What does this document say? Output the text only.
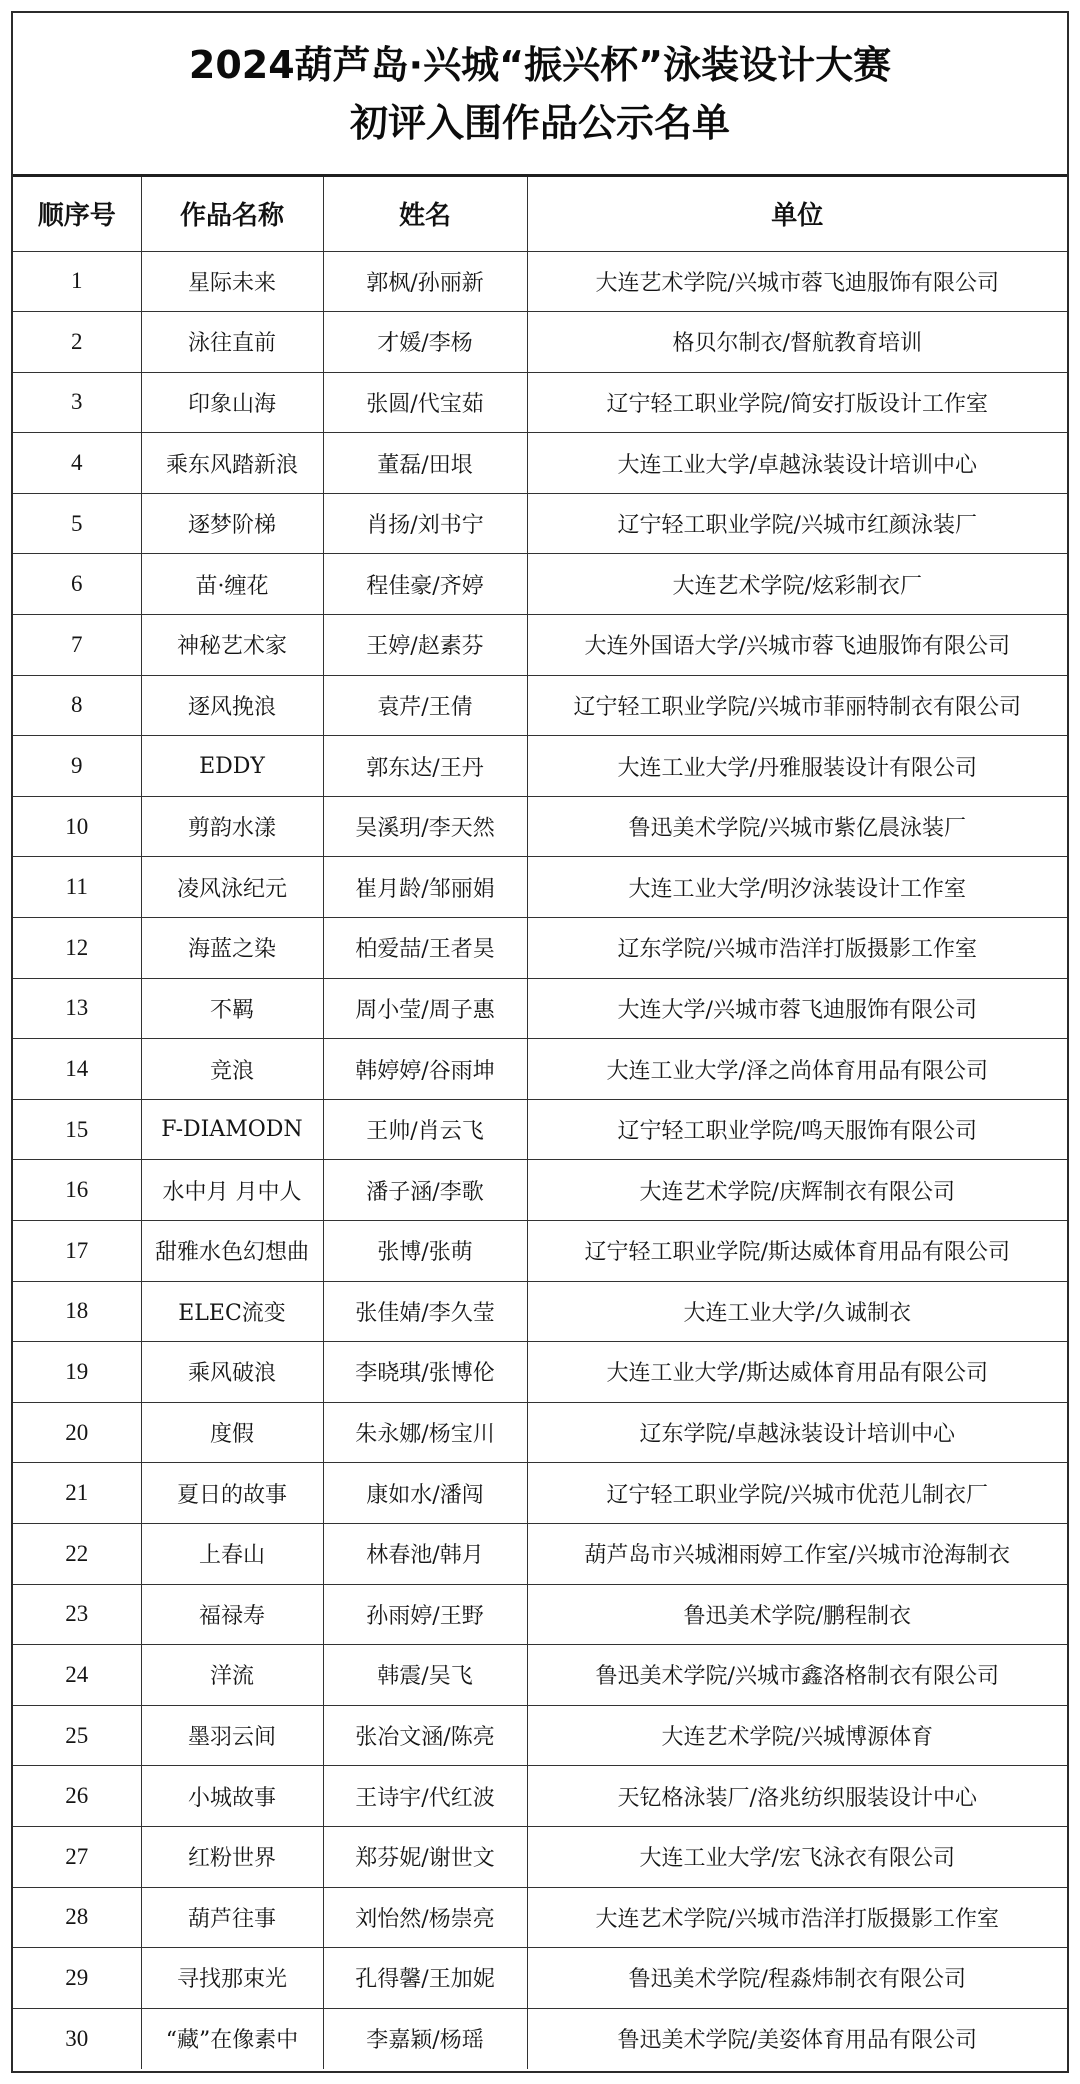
2024葫芦岛·兴城“振兴杯”泳装设计大赛
初评入围作品公示名单
顺序号	作品名称	姓名	单位
1	星际未来	郭枫/孙丽新	大连艺术学院/兴城市蓉飞迪服饰有限公司
2	泳往直前	才媛/李杨	格贝尔制衣/督航教育培训
3	印象山海	张圆/代宝茹	辽宁轻工职业学院/简安打版设计工作室
4	乘东风踏新浪	董磊/田垠	大连工业大学/卓越泳装设计培训中心
5	逐梦阶梯	肖扬/刘书宁	辽宁轻工职业学院/兴城市红颜泳装厂
6	苗·缠花	程佳豪/齐婷	大连艺术学院/炫彩制衣厂
7	神秘艺术家	王婷/赵素芬	大连外国语大学/兴城市蓉飞迪服饰有限公司
8	逐风挽浪	袁芹/王倩	辽宁轻工职业学院/兴城市菲丽特制衣有限公司
9	EDDY	郭东达/王丹	大连工业大学/丹雅服装设计有限公司
10	剪韵水漾	吴溪玥/李天然	鲁迅美术学院/兴城市紫亿晨泳装厂
11	凌风泳纪元	崔月龄/邹丽娟	大连工业大学/明汐泳装设计工作室
12	海蓝之染	柏爱喆/王者昊	辽东学院/兴城市浩洋打版摄影工作室
13	不羁	周小莹/周子惠	大连大学/兴城市蓉飞迪服饰有限公司
14	竞浪	韩婷婷/谷雨坤	大连工业大学/泽之尚体育用品有限公司
15	F-DIAMODN	王帅/肖云飞	辽宁轻工职业学院/鸣天服饰有限公司
16	水中月 月中人	潘子涵/李歌	大连艺术学院/庆辉制衣有限公司
17	甜雅水色幻想曲	张博/张萌	辽宁轻工职业学院/斯达威体育用品有限公司
18	ELEC流变	张佳婧/李久莹	大连工业大学/久诚制衣
19	乘风破浪	李晓琪/张博伦	大连工业大学/斯达威体育用品有限公司
20	度假	朱永娜/杨宝川	辽东学院/卓越泳装设计培训中心
21	夏日的故事	康如水/潘闯	辽宁轻工职业学院/兴城市优范儿制衣厂
22	上春山	林春池/韩月	葫芦岛市兴城湘雨婷工作室/兴城市沧海制衣
23	福禄寿	孙雨婷/王野	鲁迅美术学院/鹏程制衣
24	洋流	韩震/吴飞	鲁迅美术学院/兴城市鑫洛格制衣有限公司
25	墨羽云间	张冶文涵/陈亮	大连艺术学院/兴城博源体育
26	小城故事	王诗宇/代红波	天钇格泳装厂/洛兆纺织服装设计中心
27	红粉世界	郑芬妮/谢世文	大连工业大学/宏飞泳衣有限公司
28	葫芦往事	刘怡然/杨崇亮	大连艺术学院/兴城市浩洋打版摄影工作室
29	寻找那束光	孔得馨/王加妮	鲁迅美术学院/程淼炜制衣有限公司
30	“藏”在像素中	李嘉颖/杨瑶	鲁迅美术学院/美姿体育用品有限公司
